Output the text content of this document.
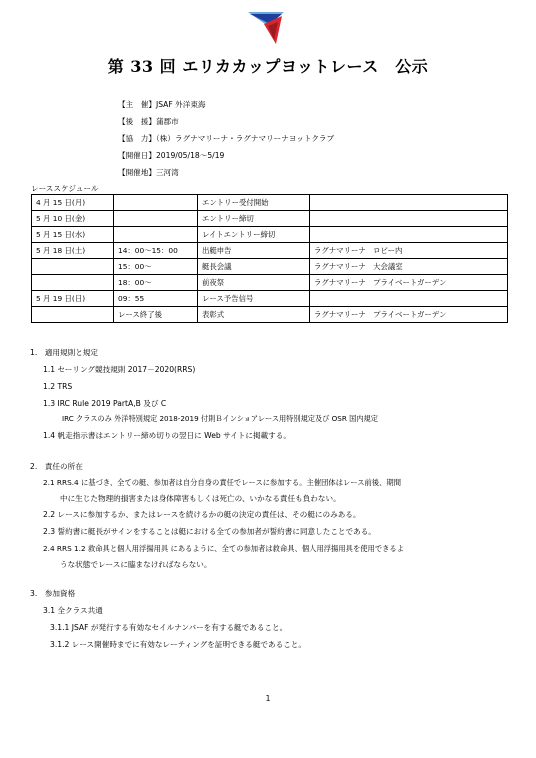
第 33 回 エリカカップヨットレース　公示
【主　催】JSAF 外洋東海
【後　援】蒲郡市
【協　力】（株）ラグナマリーナ・ラグナマリーナヨットクラブ
【開催日】2019/05/18～5/19
【開催地】三河湾
レーススケジュール
4 月 15 日(月)		エントリー受付開始	
5 月 10 日(金)		エントリー締切	
5 月 15 日(水)		レイトエントリー締切	
5 月 18 日(土)	14：00～15：00	出艇申告	ラグナマリーナ　ロビー内
	15：00～	艇長会議	ラグナマリーナ　大会議室
	18：00～	前夜祭	ラグナマリーナ　プライベートガーデン
5 月 19 日(日)	09：55	レース予告信号	
	レース終了後	表彰式	ラグナマリーナ　プライベートガーデン
1.　適用規則と規定
1.1 セーリング競技規則 2017－2020(RRS)
1.2 TRS
1.3 IRC Rule 2019 PartA,B 及び C
IRC クラスのみ 外洋特別規定 2018-2019 付則Ｂインショアレース用特別規定及び OSR 国内規定
1.4 帆走指示書はエントリー締め切りの翌日に Web サイトに掲載する。
2.　責任の所在
2.1 RRS.4 に基づき、全ての艇、参加者は自分自身の責任でレースに参加する。主催団体はレース前後、期間
中に生じた物理的損害または身体障害もしくは死亡の、いかなる責任も負わない。
2.2 レースに参加するか、またはレースを続けるかの艇の決定の責任は、その艇にのみある。
2.3 誓約書に艇長がサインをすることは艇における全ての参加者が誓約書に同意したことである。
2.4 RRS 1.2 救命具と個人用浮揚用具 にあるように、全ての参加者は救命具、個人用浮揚用具を使用できるよ
うな状態でレースに臨まなければならない。
3.　参加資格
3.1 全クラス共通
3.1.1 JSAF が発行する有効なセイルナンバーを有する艇であること。
3.1.2 レース開催時までに有効なレーティングを証明できる艇であること。
1
